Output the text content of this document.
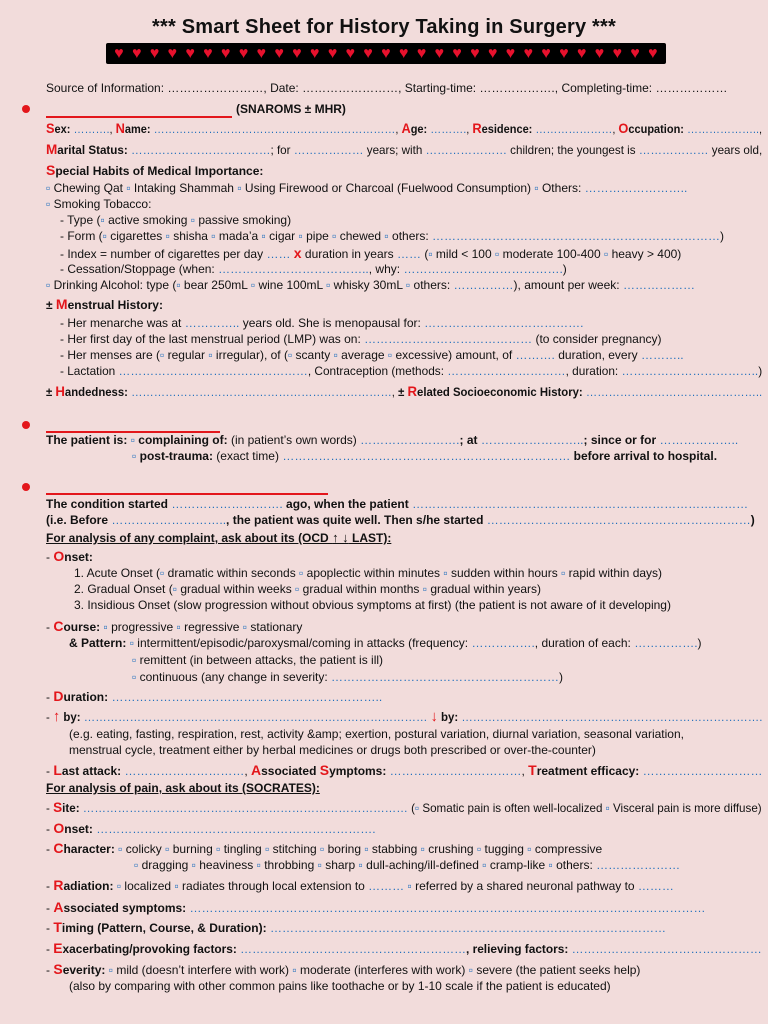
*** Smart Sheet for History Taking in Surgery ***
♥ ♥ ♥ ♥ ♥ ♥ ♥ ♥ ♥ ♥ ♥ ♥ ♥ ♥ ♥ ♥ ♥ ♥ ♥ ♥ ♥ ♥ ♥ ♥ ♥ ♥ ♥ ♥ ♥ ♥ ♥
Source of Information: ……………………, Date: ……………………, Starting-time: ………………., Completing-time: ………………
(SNAROMS ± MHR)
Sex: ………., Name: …………………………………………………………, Age: ………., Residence: …………………, Occupation: ………………..,
Marital Status: ………………………………; for ……………… years; with ………………… children; the youngest is ……………… years old,
Special Habits of Medical Importance:
▫ Chewing Qat ▫ Intaking Shammah ▫ Using Firewood or Charcoal (Fuelwood Consumption) ▫ Others: ……………………..
▫ Smoking Tobacco:
- Type (▫ active smoking ▫ passive smoking)
- Form (▫ cigarettes ▫ shisha ▫ mada’a ▫ cigar ▫ pipe ▫ chewed ▫ others: ………………………………………………………………)
- Index = number of cigarettes per day …… x duration in years …… (▫ mild < 100 ▫ moderate 100-400 ▫ heavy > 400)
- Cessation/Stoppage (when: ……………………………….., why: ………………………………….)
▫ Drinking Alcohol: type (▫ bear 250mL ▫ wine 100mL ▫ whisky 30mL ▫ others: ……………), amount per week: ………………
± Menstrual History:
- Her menarche was at ………….. years old. She is menopausal for: ………………………………….
- Her first day of the last menstrual period (LMP) was on: …………………………………… (to consider pregnancy)
- Her menses are (▫ regular ▫ irregular), of (▫ scanty ▫ average ▫ excessive) amount, of ………. duration, every ………..
- Lactation …………………………………………, Contraception (methods: …………………………, duration: ……………………………..)
± Handedness: ……………………………………………………………, ± Related Socioeconomic History: ………………………………………..
The patient is: ▫ complaining of: (in patient’s own words) …………………….; at ……………………..; since or for ………………..
▫ post-trauma: (exact time) ……………………………………………………………… before arrival to hospital.
The condition started ………………………. ago, when the patient …………………………………………………………………………
(i.e. Before ……………………….., the patient was quite well. Then s/he started …………………………………………………………)
For analysis of any complaint, ask about its (OCD ↑ ↓ LAST):
- Onset:
1. Acute Onset (▫ dramatic within seconds ▫ apoplectic within minutes ▫ sudden within hours ▫ rapid within days)
2. Gradual Onset (▫ gradual within weeks ▫ gradual within months ▫ gradual within years)
3. Insidious Onset (slow progression without obvious symptoms at first) (the patient is not aware of it developing)
- Course: ▫ progressive ▫ regressive ▫ stationary
& Pattern: ▫ intermittent/episodic/paroxysmal/coming in attacks (frequency: ……………., duration of each: …………….)
▫ remittent (in between attacks, the patient is ill)
▫ continuous (any change in severity: …………………………………………………)
- Duration: …………………………………………………………..
- ↑ by: ……………………………………………………………………………… ↓ by: …………………………………………………………………….
(e.g. eating, fasting, respiration, rest, activity &amp; exertion, postural variation, diurnal variation, seasonal variation,
menstrual cycle, treatment either by herbal medicines or drugs both prescribed or over-the-counter)
- Last attack: …………………………, Associated Symptoms: ……………………………, Treatment efficacy: …………………………
For analysis of pain, ask about its (SOCRATES):
- Site: ………………………………………………………………………… (▫ Somatic pain is often well-localized ▫ Visceral pain is more diffuse)
- Onset: …………………………………………………………….
- Character: ▫ colicky ▫ burning ▫ tingling ▫ stitching ▫ boring ▫ stabbing ▫ crushing ▫ tugging ▫ compressive
▫ dragging ▫ heaviness ▫ throbbing ▫ sharp ▫ dull-aching/ill-defined ▫ cramp-like ▫ others: …………………
- Radiation: ▫ localized ▫ radiates through local extension to ……… ▫ referred by a shared neuronal pathway to ………
- Associated symptoms: …………………………………………………………………………………………………………………
- Timing (Pattern, Course, & Duration): ………………………………………………………………………………………
- Exacerbating/provoking factors: …………………………………………………, relieving factors: …………………………………………
- Severity: ▫ mild (doesn’t interfere with work) ▫ moderate (interferes with work) ▫ severe (the patient seeks help)
(also by comparing with other common pains like toothache or by 1-10 scale if the patient is educated)
